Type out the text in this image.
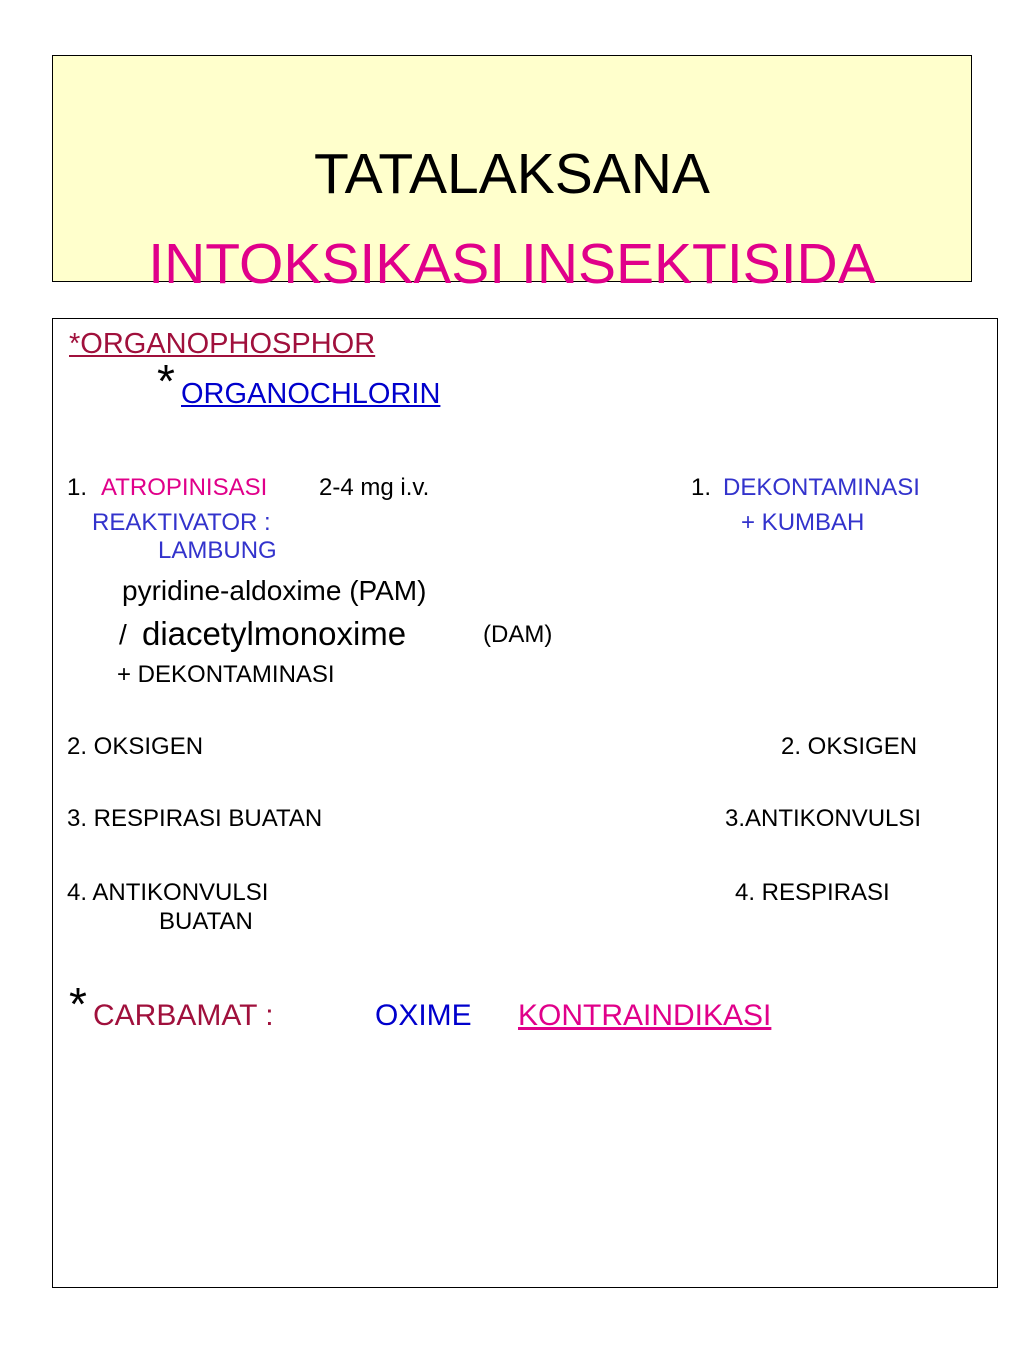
TATALAKSANA
INTOKSIKASI INSEKTISIDA
*ORGANOPHOSPHOR
* ORGANOCHLORIN
1. ATROPINISASI 2-4 mg i.v.	1. DEKONTAMINASI
REAKTIVATOR :	+ KUMBAH
LAMBUNG
pyridine-aldoxime (PAM)
/ diacetylmonoxime	(DAM)
+ DEKONTAMINASI
2. OKSIGEN	2. OKSIGEN
3. RESPIRASI BUATAN	3.ANTIKONVULSI
4. ANTIKONVULSI	4. RESPIRASI
BUATAN
* CARBAMAT :	OXIME KONTRAINDIKASI
